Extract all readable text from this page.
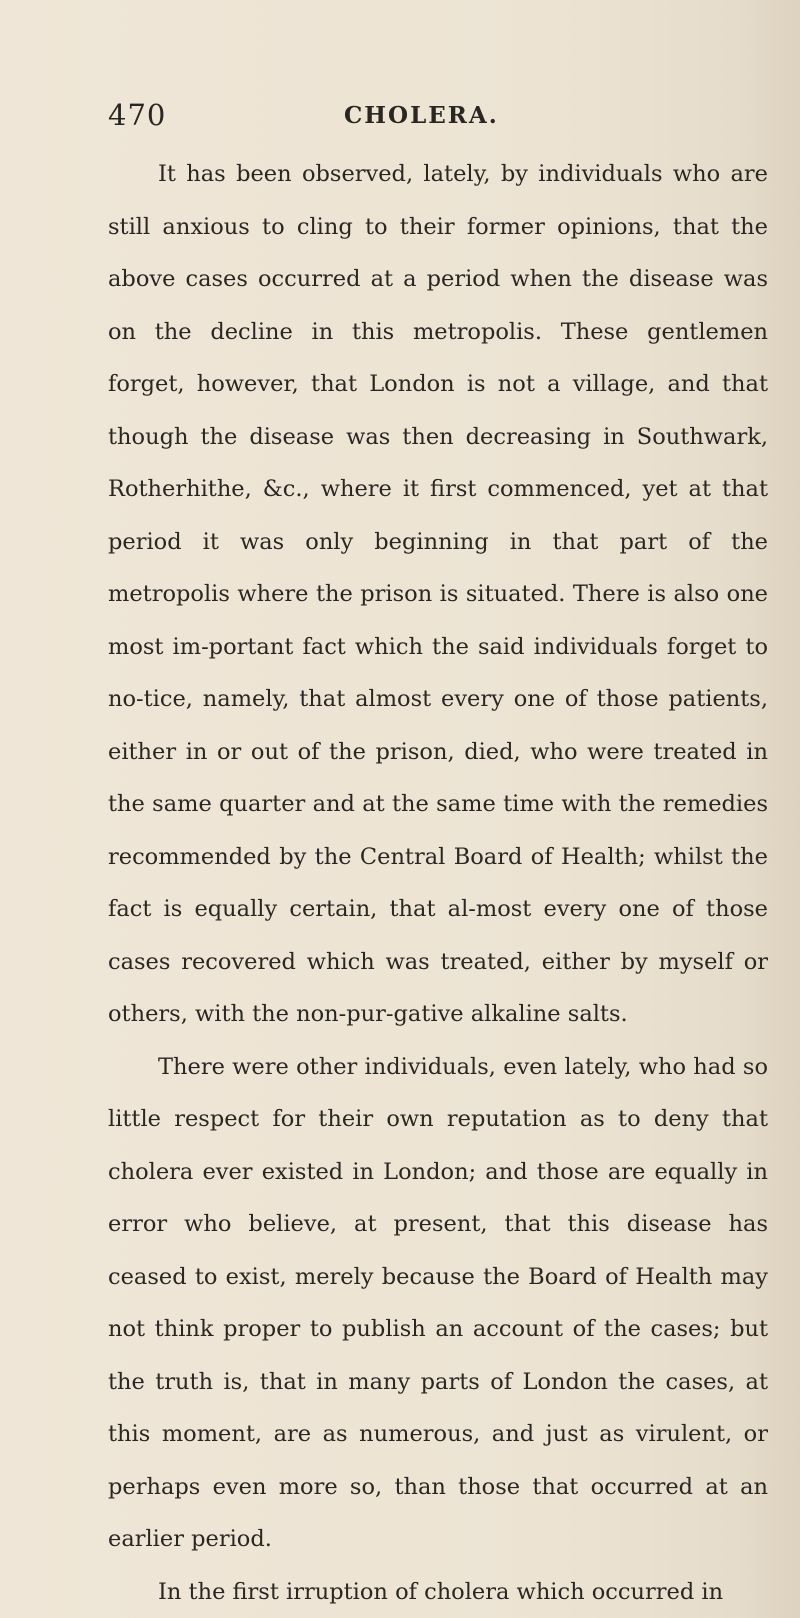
470	CHOLERA.

It has been observed, lately, by individuals who are still anxious to cling to their former opinions, that the above cases occurred at a period when the disease was on the decline in this metropolis. These gentlemen forget, however, that London is not a village, and that though the disease was then decreasing in Southwark, Rotherhithe, &c., where it first commenced, yet at that period it was only beginning in that part of the metropolis where the prison is situated. There is also one most im-portant fact which the said individuals forget to no-tice, namely, that almost every one of those patients, either in or out of the prison, died, who were treated in the same quarter and at the same time with the remedies recommended by the Central Board of Health; whilst the fact is equally certain, that al-most every one of those cases recovered which was treated, either by myself or others, with the non-pur-gative alkaline salts.

There were other individuals, even lately, who had so little respect for their own reputation as to deny that cholera ever existed in London; and those are equally in error who believe, at present, that this disease has ceased to exist, merely because the Board of Health may not think proper to publish an account of the cases; but the truth is, that in many parts of London the cases, at this moment, are as numerous, and just as virulent, or perhaps even more so, than those that occurred at an earlier period.

In the first irruption of cholera which occurred in
